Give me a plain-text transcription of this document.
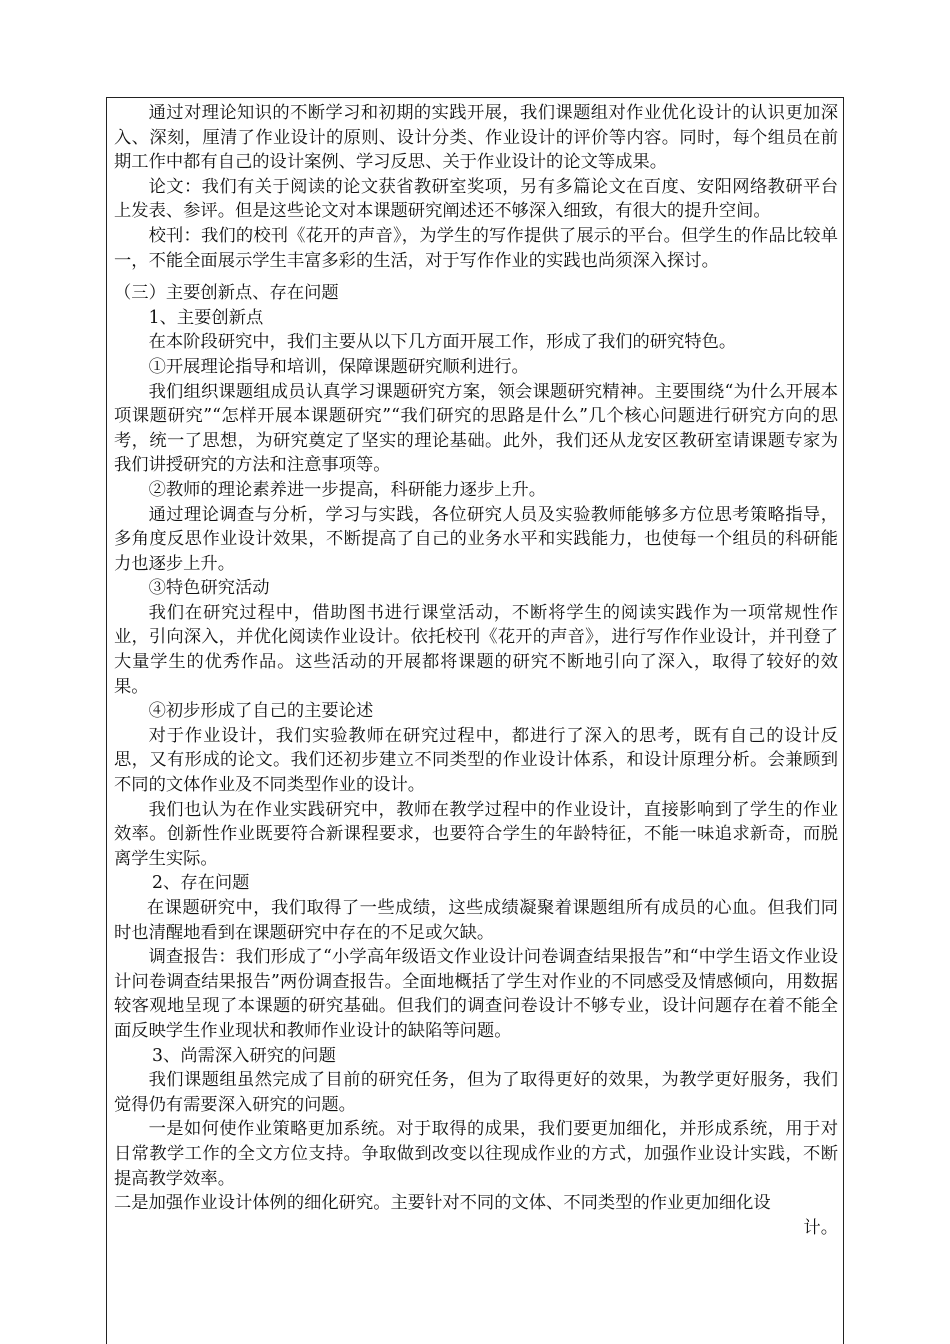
通过对理论知识的不断学习和初期的实践开展，我们课题组对作业优化设计的认识更加深入、深刻，厘清了作业设计的原则、设计分类、作业设计的评价等内容。同时，每个组员在前期工作中都有自己的设计案例、学习反思、关于作业设计的论文等成果。

论文：我们有关于阅读的论文获省教研室奖项，另有多篇论文在百度、安阳网络教研平台上发表、参评。但是这些论文对本课题研究阐述还不够深入细致，有很大的提升空间。

校刊：我们的校刊《花开的声音》，为学生的写作提供了展示的平台。但学生的作品比较单一，不能全面展示学生丰富多彩的生活，对于写作作业的实践也尚须深入探讨。

（三）主要创新点、存在问题

1、主要创新点

在本阶段研究中，我们主要从以下几方面开展工作，形成了我们的研究特色。

①开展理论指导和培训，保障课题研究顺利进行。

我们组织课题组成员认真学习课题研究方案，领会课题研究精神。主要围绕“为什么开展本项课题研究”“怎样开展本课题研究”“我们研究的思路是什么”几个核心问题进行研究方向的思考，统一了思想，为研究奠定了坚实的理论基础。此外，我们还从龙安区教研室请课题专家为我们讲授研究的方法和注意事项等。

②教师的理论素养进一步提高，科研能力逐步上升。

通过理论调查与分析，学习与实践，各位研究人员及实验教师能够多方位思考策略指导，多角度反思作业设计效果，不断提高了自己的业务水平和实践能力，也使每一个组员的科研能力也逐步上升。

③特色研究活动

我们在研究过程中，借助图书进行课堂活动，不断将学生的阅读实践作为一项常规性作业，引向深入，并优化阅读作业设计。依托校刊《花开的声音》，进行写作作业设计，并刊登了大量学生的优秀作品。这些活动的开展都将课题的研究不断地引向了深入，取得了较好的效果。

④初步形成了自己的主要论述

对于作业设计，我们实验教师在研究过程中，都进行了深入的思考，既有自己的设计反思，又有形成的论文。我们还初步建立不同类型的作业设计体系，和设计原理分析。会兼顾到不同的文体作业及不同类型作业的设计。

我们也认为在作业实践研究中，教师在教学过程中的作业设计，直接影响到了学生的作业效率。创新性作业既要符合新课程要求，也要符合学生的年龄特征，不能一味追求新奇，而脱离学生实际。

2、存在问题

在课题研究中，我们取得了一些成绩，这些成绩凝聚着课题组所有成员的心血。但我们同时也清醒地看到在课题研究中存在的不足或欠缺。

调查报告：我们形成了“小学高年级语文作业设计问卷调查结果报告”和“中学生语文作业设计问卷调查结果报告”两份调查报告。全面地概括了学生对作业的不同感受及情感倾向，用数据较客观地呈现了本课题的研究基础。但我们的调查问卷设计不够专业，设计问题存在着不能全面反映学生作业现状和教师作业设计的缺陷等问题。

3、尚需深入研究的问题

我们课题组虽然完成了目前的研究任务，但为了取得更好的效果，为教学更好服务，我们觉得仍有需要深入研究的问题。

一是如何使作业策略更加系统。对于取得的成果，我们要更加细化，并形成系统，用于对日常教学工作的全文方位支持。争取做到改变以往现成作业的方式，加强作业设计实践，不断提高教学效率。

二是加强作业设计体例的细化研究。主要针对不同的文体、不同类型的作业更加细化设

计。
